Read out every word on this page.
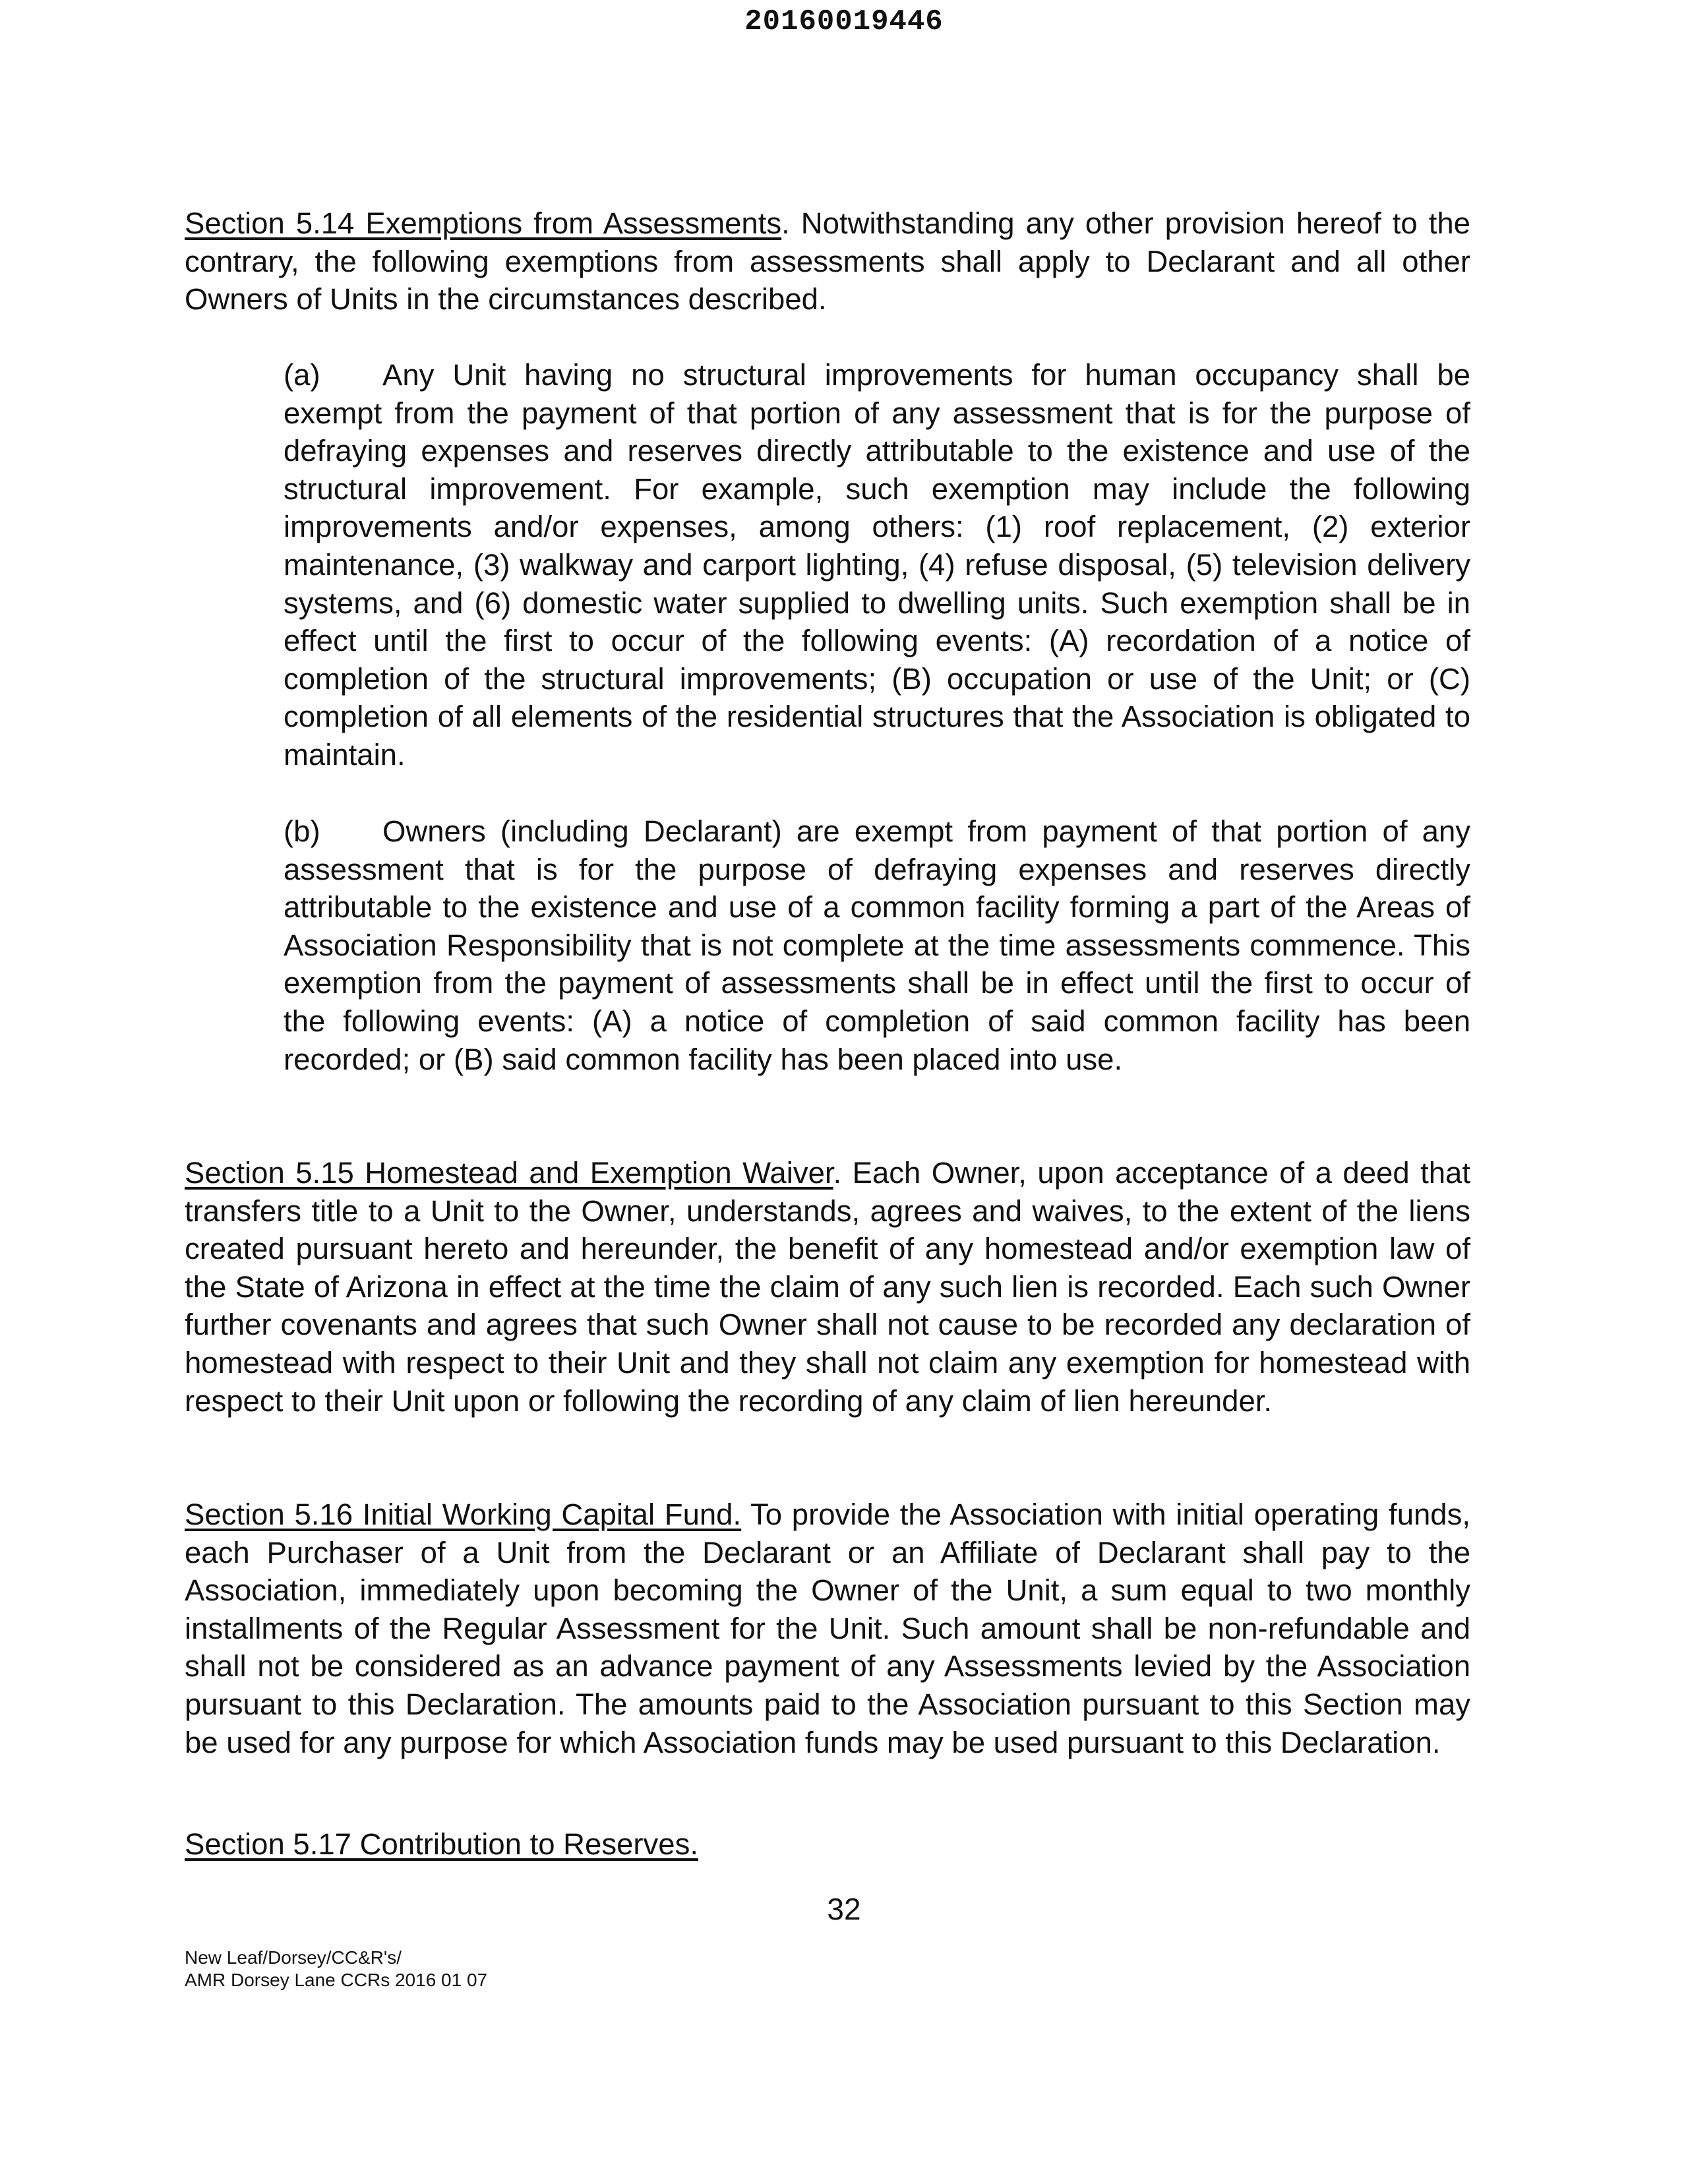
20160019446

Section 5.14 Exemptions from Assessments. Notwithstanding any other provision hereof to the contrary, the following exemptions from assessments shall apply to Declarant and all other Owners of Units in the circumstances described.

(a) Any Unit having no structural improvements for human occupancy shall be exempt from the payment of that portion of any assessment that is for the purpose of defraying expenses and reserves directly attributable to the existence and use of the structural improvement. For example, such exemption may include the following improvements and/or expenses, among others: (1) roof replacement, (2) exterior maintenance, (3) walkway and carport lighting, (4) refuse disposal, (5) television delivery systems, and (6) domestic water supplied to dwelling units. Such exemption shall be in effect until the first to occur of the following events: (A) recordation of a notice of completion of the structural improvements; (B) occupation or use of the Unit; or (C) completion of all elements of the residential structures that the Association is obligated to maintain.

(b) Owners (including Declarant) are exempt from payment of that portion of any assessment that is for the purpose of defraying expenses and reserves directly attributable to the existence and use of a common facility forming a part of the Areas of Association Responsibility that is not complete at the time assessments commence. This exemption from the payment of assessments shall be in effect until the first to occur of the following events: (A) a notice of completion of said common facility has been recorded; or (B) said common facility has been placed into use.

Section 5.15 Homestead and Exemption Waiver. Each Owner, upon acceptance of a deed that transfers title to a Unit to the Owner, understands, agrees and waives, to the extent of the liens created pursuant hereto and hereunder, the benefit of any homestead and/or exemption law of the State of Arizona in effect at the time the claim of any such lien is recorded. Each such Owner further covenants and agrees that such Owner shall not cause to be recorded any declaration of homestead with respect to their Unit and they shall not claim any exemption for homestead with respect to their Unit upon or following the recording of any claim of lien hereunder.

Section 5.16 Initial Working Capital Fund. To provide the Association with initial operating funds, each Purchaser of a Unit from the Declarant or an Affiliate of Declarant shall pay to the Association, immediately upon becoming the Owner of the Unit, a sum equal to two monthly installments of the Regular Assessment for the Unit. Such amount shall be non-refundable and shall not be considered as an advance payment of any Assessments levied by the Association pursuant to this Declaration. The amounts paid to the Association pursuant to this Section may be used for any purpose for which Association funds may be used pursuant to this Declaration.

Section 5.17 Contribution to Reserves.

32

New Leaf/Dorsey/CC&R's/
AMR Dorsey Lane CCRs 2016 01 07
